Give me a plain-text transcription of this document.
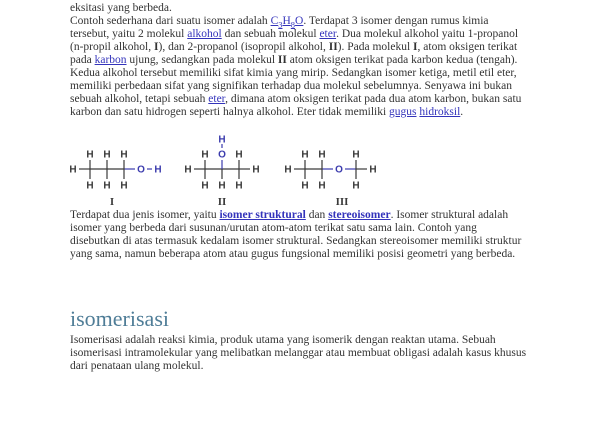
eksitasi yang berbeda.

Contoh sederhana dari suatu isomer adalah $C_3H_8O$. Terdapat 3 isomer dengan rumus kimia tersebut, yaitu 2 molekul alkohol dan sebuah molekul eter. Dua molekul alkohol yaitu 1-propanol (n-propil alkohol, I), dan 2-propanol (isopropil alkohol, II). Pada molekul I, atom oksigen terikat pada karbon ujung, sedangkan pada molekul II atom oksigen terikat pada karbon kedua (tengah). Kedua alkohol tersebut memiliki sifat kimia yang mirip. Sedangkan isomer ketiga, metil etil eter, memiliki perbedaan sifat yang signifikan terhadap dua molekul sebelumnya. Senyawa ini bukan sebuah alkohol, tetapi sebuah eter, dimana atom oksigen terikat pada dua atom karbon, bukan satu karbon dan satu hidrogen seperti halnya alkohol. Eter tidak memiliki gugus hidroksil.

H
H
H
H
H
H
H
O H
I
H
H
H
O
H
H
H
H
H
II
H
H
H
H
H
O
H
H
H
III

Terdapat dua jenis isomer, yaitu isomer struktural dan stereoisomer. Isomer struktural adalah isomer yang berbeda dari susunan/urutan atom-atom terikat satu sama lain. Contoh yang disebutkan di atas termasuk kedalam isomer struktural. Sedangkan stereoisomer memiliki struktur yang sama, namun beberapa atom atau gugus fungsional memiliki posisi geometri yang berbeda.

isomerisasi

Isomerisasi adalah reaksi kimia, produk utama yang isomerik dengan reaktan utama. Sebuah isomerisasi intramolekular yang melibatkan melanggar atau membuat obligasi adalah kasus khusus dari penataan ulang molekul.
